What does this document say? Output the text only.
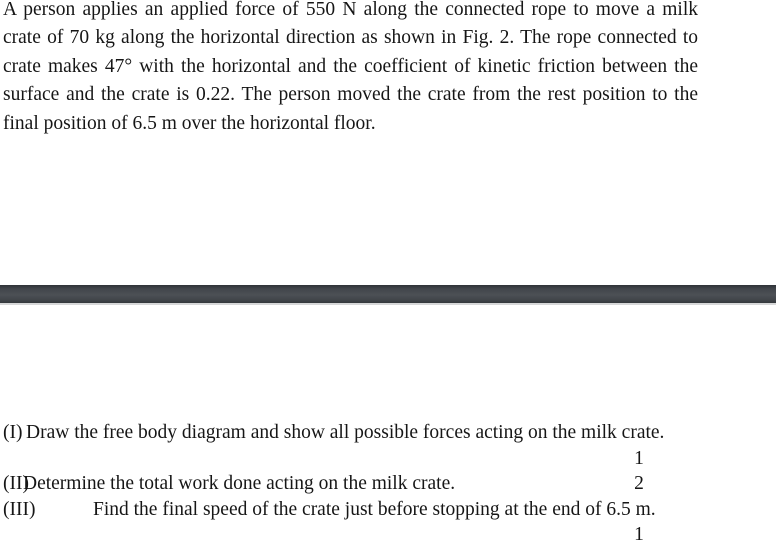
A person applies an applied force of 550 N along the connected rope to move a milk
crate of 70 kg along the horizontal direction as shown in Fig. 2. The rope connected to
crate makes 47° with the horizontal and the coefficient of kinetic friction between the
surface and the crate is 0.22. The person moved the crate from the rest position to the
final position of 6.5 m over the horizontal floor.
(I) Draw the free body diagram and show all possible forces acting on the milk crate.
1
(II)Determine the total work done acting on the milk crate.	2
(III)	Find the final speed of the crate just before stopping at the end of 6.5 m.
1
